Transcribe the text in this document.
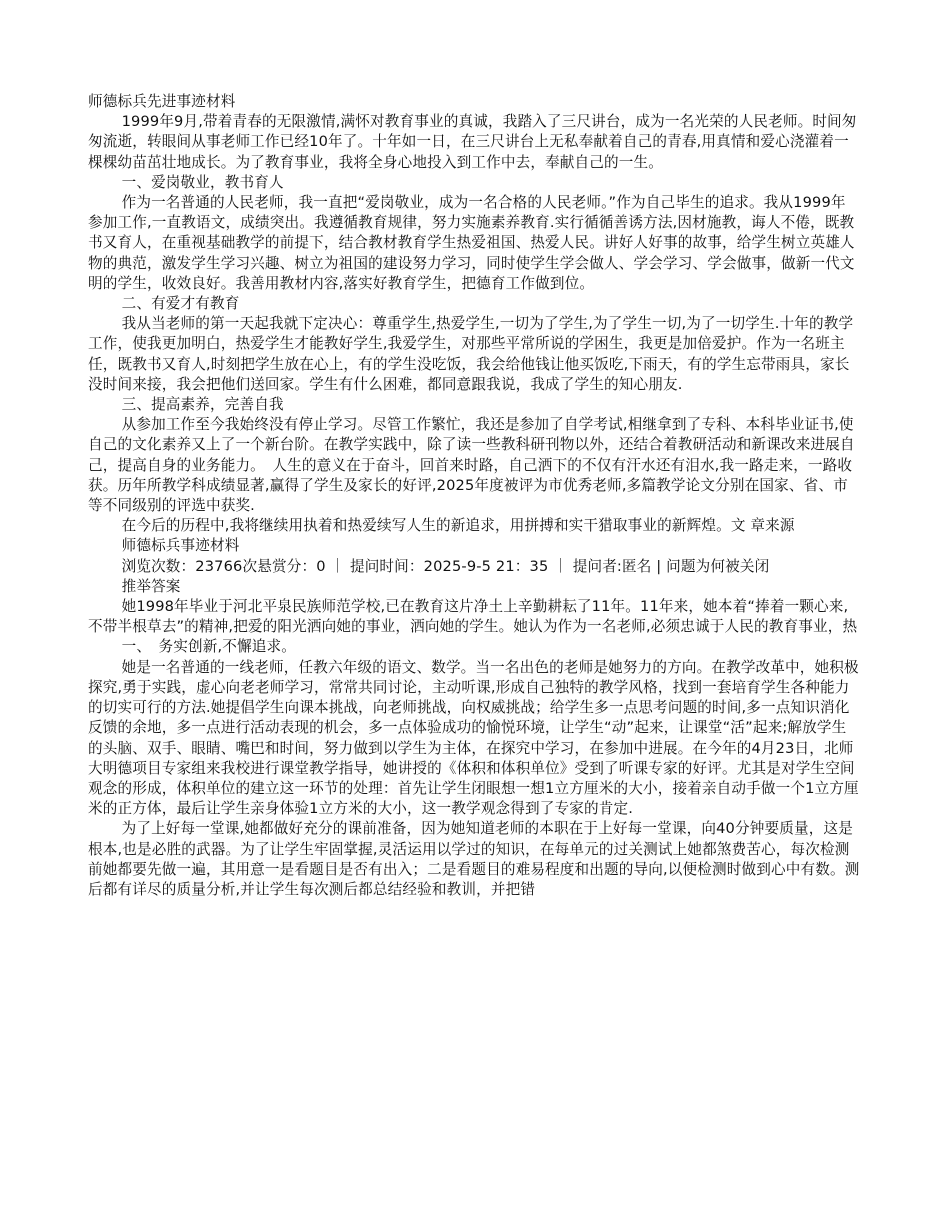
师德标兵先进事迹材料

1999年9月,带着青春的无限激情,满怀对教育事业的真诚，我踏入了三尺讲台，成为一名光荣的人民老师。时间匆匆流逝，转眼间从事老师工作已经10年了。十年如一日，在三尺讲台上无私奉献着自己的青春,用真情和爱心浇灌着一棵棵幼苗茁壮地成长。为了教育事业，我将全身心地投入到工作中去，奉献自己的一生。

一、爱岗敬业，教书育人

作为一名普通的人民老师，我一直把“爱岗敬业，成为一名合格的人民老师。”作为自己毕生的追求。我从1999年参加工作,一直教语文，成绩突出。我遵循教育规律，努力实施素养教育.实行循循善诱方法,因材施教，诲人不倦，既教书又育人，在重视基础教学的前提下，结合教材教育学生热爱祖国、热爱人民。讲好人好事的故事，给学生树立英雄人物的典范，激发学生学习兴趣、树立为祖国的建设努力学习，同时使学生学会做人、学会学习、学会做事，做新一代文明的学生，收效良好。我善用教材内容,落实好教育学生，把德育工作做到位。

二、有爱才有教育

我从当老师的第一天起我就下定决心：尊重学生,热爱学生,一切为了学生,为了学生一切,为了一切学生.十年的教学工作，使我更加明白，热爱学生才能教好学生,我爱学生，对那些平常所说的学困生，我更是加倍爱护。作为一名班主任，既教书又育人,时刻把学生放在心上，有的学生没吃饭，我会给他钱让他买饭吃,下雨天，有的学生忘带雨具，家长没时间来接，我会把他们送回家。学生有什么困难，都同意跟我说，我成了学生的知心朋友.

三、提高素养，完善自我

从参加工作至今我始终没有停止学习。尽管工作繁忙，我还是参加了自学考试,相继拿到了专科、本科毕业证书,使自己的文化素养又上了一个新台阶。在教学实践中，除了读一些教科研刊物以外，还结合着教研活动和新课改来进展自己，提高自身的业务能力。　人生的意义在于奋斗，回首来时路，自己洒下的不仅有汗水还有泪水,我一路走来，一路收获。历年所教学科成绩显著,赢得了学生及家长的好评,2025年度被评为市优秀老师,多篇教学论文分别在国家、省、市等不同级别的评选中获奖.

在今后的历程中,我将继续用执着和热爱续写人生的新追求，用拼搏和实干猎取事业的新辉煌。文 章来源

师德标兵事迹材料

浏览次数：23766次悬赏分：0 ｜ 提问时间：2025-9-5 21：35 ｜ 提问者:匿名 | 问题为何被关闭

推举答案

她1998年毕业于河北平泉民族师范学校,已在教育这片净土上辛勤耕耘了11年。11年来，她本着“捧着一颗心来,不带半根草去”的精神,把爱的阳光洒向她的事业，洒向她的学生。她认为作为一名老师,必须忠诚于人民的教育事业，热

一、　务实创新,不懈追求。

她是一名普通的一线老师，任教六年级的语文、数学。当一名出色的老师是她努力的方向。在教学改革中，她积极探究,勇于实践，虚心向老老师学习，常常共同讨论，主动听课,形成自己独特的教学风格，找到一套培育学生各种能力的切实可行的方法.她提倡学生向课本挑战，向老师挑战，向权威挑战；给学生多一点思考问题的时间,多一点知识消化反馈的余地，多一点进行活动表现的机会，多一点体验成功的愉悦环境，让学生“动”起来，让课堂“活”起来;解放学生的头脑、双手、眼睛、嘴巴和时间，努力做到以学生为主体，在探究中学习，在参加中进展。在今年的4月23日，北师大明德项目专家组来我校进行课堂教学指导，她讲授的《体积和体积单位》受到了听课专家的好评。尤其是对学生空间观念的形成，体积单位的建立这一环节的处理：首先让学生闭眼想一想1立方厘米的大小，接着亲自动手做一个1立方厘米的正方体，最后让学生亲身体验1立方米的大小，这一教学观念得到了专家的肯定.

为了上好每一堂课,她都做好充分的课前准备，因为她知道老师的本职在于上好每一堂课，向40分钟要质量，这是根本,也是必胜的武器。为了让学生牢固掌握,灵活运用以学过的知识，在每单元的过关测试上她都煞费苦心，每次检测前她都要先做一遍，其用意一是看题目是否有出入；二是看题目的难易程度和出题的导向,以便检测时做到心中有数。测后都有详尽的质量分析,并让学生每次测后都总结经验和教训，并把错
